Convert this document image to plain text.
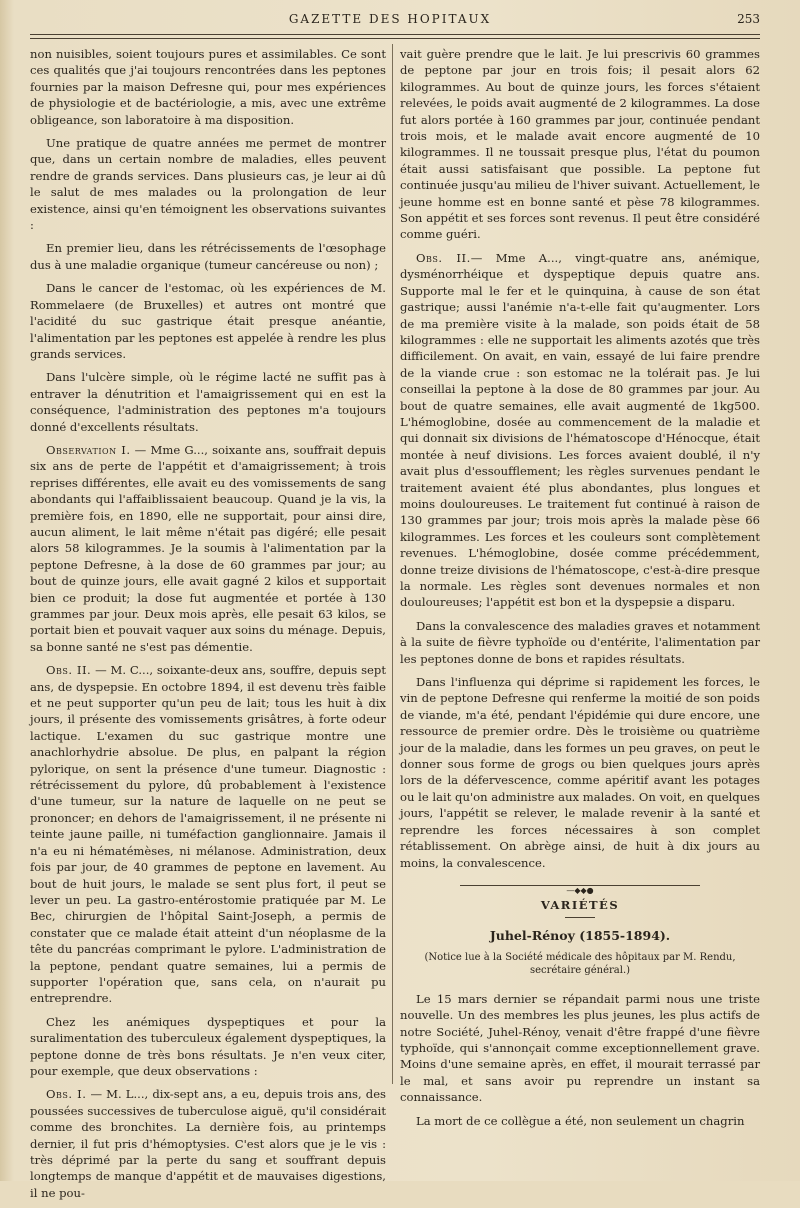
GAZETTE DES HOPITAUX	253

non nuisibles, soient toujours pures et assimilables. Ce sont ces qualités que j'ai toujours rencontrées dans les peptones fournies par la maison Defresne qui, pour mes expériences de physiologie et de bactériologie, a mis, avec une extrême obligeance, son laboratoire à ma disposition.

Une pratique de quatre années me permet de montrer que, dans un certain nombre de maladies, elles peuvent rendre de grands services. Dans plusieurs cas, je leur ai dû le salut de mes malades ou la prolongation de leur existence, ainsi qu'en témoignent les observations suivantes :

En premier lieu, dans les rétrécissements de l'œsophage dus à une maladie organique (tumeur cancéreuse ou non) ;

Dans le cancer de l'estomac, où les expériences de M. Rommelaere (de Bruxelles) et autres ont montré que l'acidité du suc gastrique était presque anéantie, l'alimentation par les peptones est appelée à rendre les plus grands services.

Dans l'ulcère simple, où le régime lacté ne suffit pas à entraver la dénutrition et l'amaigrissement qui en est la conséquence, l'administration des peptones m'a toujours donné d'excellents résultats.

Observation I. — Mme G..., soixante ans, souffrait depuis six ans de perte de l'appétit et d'amaigrissement; à trois reprises différentes, elle avait eu des vomissements de sang abondants qui l'affaiblissaient beaucoup. Quand je la vis, la première fois, en 1890, elle ne supportait, pour ainsi dire, aucun aliment, le lait même n'était pas digéré; elle pesait alors 58 kilogrammes. Je la soumis à l'alimentation par la peptone Defresne, à la dose de 60 grammes par jour; au bout de quinze jours, elle avait gagné 2 kilos et supportait bien ce produit; la dose fut augmentée et portée à 130 grammes par jour. Deux mois après, elle pesait 63 kilos, se portait bien et pouvait vaquer aux soins du ménage. Depuis, sa bonne santé ne s'est pas démentie.

Obs. II. — M. C..., soixante-deux ans, souffre, depuis sept ans, de dyspepsie. En octobre 1894, il est devenu très faible et ne peut supporter qu'un peu de lait; tous les huit à dix jours, il présente des vomissements grisâtres, à forte odeur lactique. L'examen du suc gastrique montre une anachlorhydrie absolue. De plus, en palpant la région pylorique, on sent la présence d'une tumeur. Diagnostic : rétrécissement du pylore, dû probablement à l'existence d'une tumeur, sur la nature de laquelle on ne peut se prononcer; en dehors de l'amaigrissement, il ne présente ni teinte jaune paille, ni tuméfaction ganglionnaire. Jamais il n'a eu ni hématémèses, ni mélanose. Administration, deux fois par jour, de 40 grammes de peptone en lavement. Au bout de huit jours, le malade se sent plus fort, il peut se lever un peu. La gastro-entérostomie pratiquée par M. Le Bec, chirurgien de l'hôpital Saint-Joseph, a permis de constater que ce malade était atteint d'un néoplasme de la tête du pancréas comprimant le pylore. L'administration de la peptone, pendant quatre semaines, lui a permis de supporter l'opération que, sans cela, on n'aurait pu entreprendre.

Chez les anémiques dyspeptiques et pour la suralimentation des tuberculeux également dyspeptiques, la peptone donne de très bons résultats. Je n'en veux citer, pour exemple, que deux observations :

Obs. I. — M. L..., dix-sept ans, a eu, depuis trois ans, des poussées successives de tuberculose aiguë, qu'il considérait comme des bronchites. La dernière fois, au printemps dernier, il fut pris d'hémoptysies. C'est alors que je le vis : très déprimé par la perte du sang et souffrant depuis longtemps de manque d'appétit et de mauvaises digestions, il ne pou-

vait guère prendre que le lait. Je lui prescrivis 60 grammes de peptone par jour en trois fois; il pesait alors 62 kilogrammes. Au bout de quinze jours, les forces s'étaient relevées, le poids avait augmenté de 2 kilogrammes. La dose fut alors portée à 160 grammes par jour, continuée pendant trois mois, et le malade avait encore augmenté de 10 kilogrammes. Il ne toussait presque plus, l'état du poumon était aussi satisfaisant que possible. La peptone fut continuée jusqu'au milieu de l'hiver suivant. Actuellement, le jeune homme est en bonne santé et pèse 78 kilogrammes. Son appétit et ses forces sont revenus. Il peut être considéré comme guéri.

Obs. II.— Mme A..., vingt-quatre ans, anémique, dysménorrhéique et dyspeptique depuis quatre ans. Supporte mal le fer et le quinquina, à cause de son état gastrique; aussi l'anémie n'a-t-elle fait qu'augmenter. Lors de ma première visite à la malade, son poids était de 58 kilogrammes : elle ne supportait les aliments azotés que très difficilement. On avait, en vain, essayé de lui faire prendre de la viande crue : son estomac ne la tolérait pas. Je lui conseillai la peptone à la dose de 80 grammes par jour. Au bout de quatre semaines, elle avait augmenté de 1kg500. L'hémoglobine, dosée au commencement de la maladie et qui donnait six divisions de l'hématoscope d'Hénocque, était montée à neuf divisions. Les forces avaient doublé, il n'y avait plus d'essoufflement; les règles survenues pendant le traitement avaient été plus abondantes, plus longues et moins douloureuses. Le traitement fut continué à raison de 130 grammes par jour; trois mois après la malade pèse 66 kilogrammes. Les forces et les couleurs sont complètement revenues. L'hémoglobine, dosée comme précédemment, donne treize divisions de l'hématoscope, c'est-à-dire presque la normale. Les règles sont devenues normales et non douloureuses; l'appétit est bon et la dyspepsie a disparu.

Dans la convalescence des maladies graves et notamment à la suite de fièvre typhoïde ou d'entérite, l'alimentation par les peptones donne de bons et rapides résultats.

Dans l'influenza qui déprime si rapidement les forces, le vin de peptone Defresne qui renferme la moitié de son poids de viande, m'a été, pendant l'épidémie qui dure encore, une ressource de premier ordre. Dès le troisième ou quatrième jour de la maladie, dans les formes un peu graves, on peut le donner sous forme de grogs ou bien quelques jours après lors de la défervescence, comme apéritif avant les potages ou le lait qu'on administre aux malades. On voit, en quelques jours, l'appétit se relever, le malade revenir à la santé et reprendre les forces nécessaires à son complet rétablissement. On abrège ainsi, de huit à dix jours au moins, la convalescence.

—◆◆●
VARIÉTÉS
Juhel-Rénoy (1855-1894).
(Notice lue à la Société médicale des hôpitaux par M. Rendu, secrétaire général.)

Le 15 mars dernier se répandait parmi nous une triste nouvelle. Un des membres les plus jeunes, les plus actifs de notre Société, Juhel-Rénoy, venait d'être frappé d'une fièvre typhoïde, qui s'annonçait comme exceptionnellement grave. Moins d'une semaine après, en effet, il mourait terrassé par le mal, et sans avoir pu reprendre un instant sa connaissance.

La mort de ce collègue a été, non seulement un chagrin
